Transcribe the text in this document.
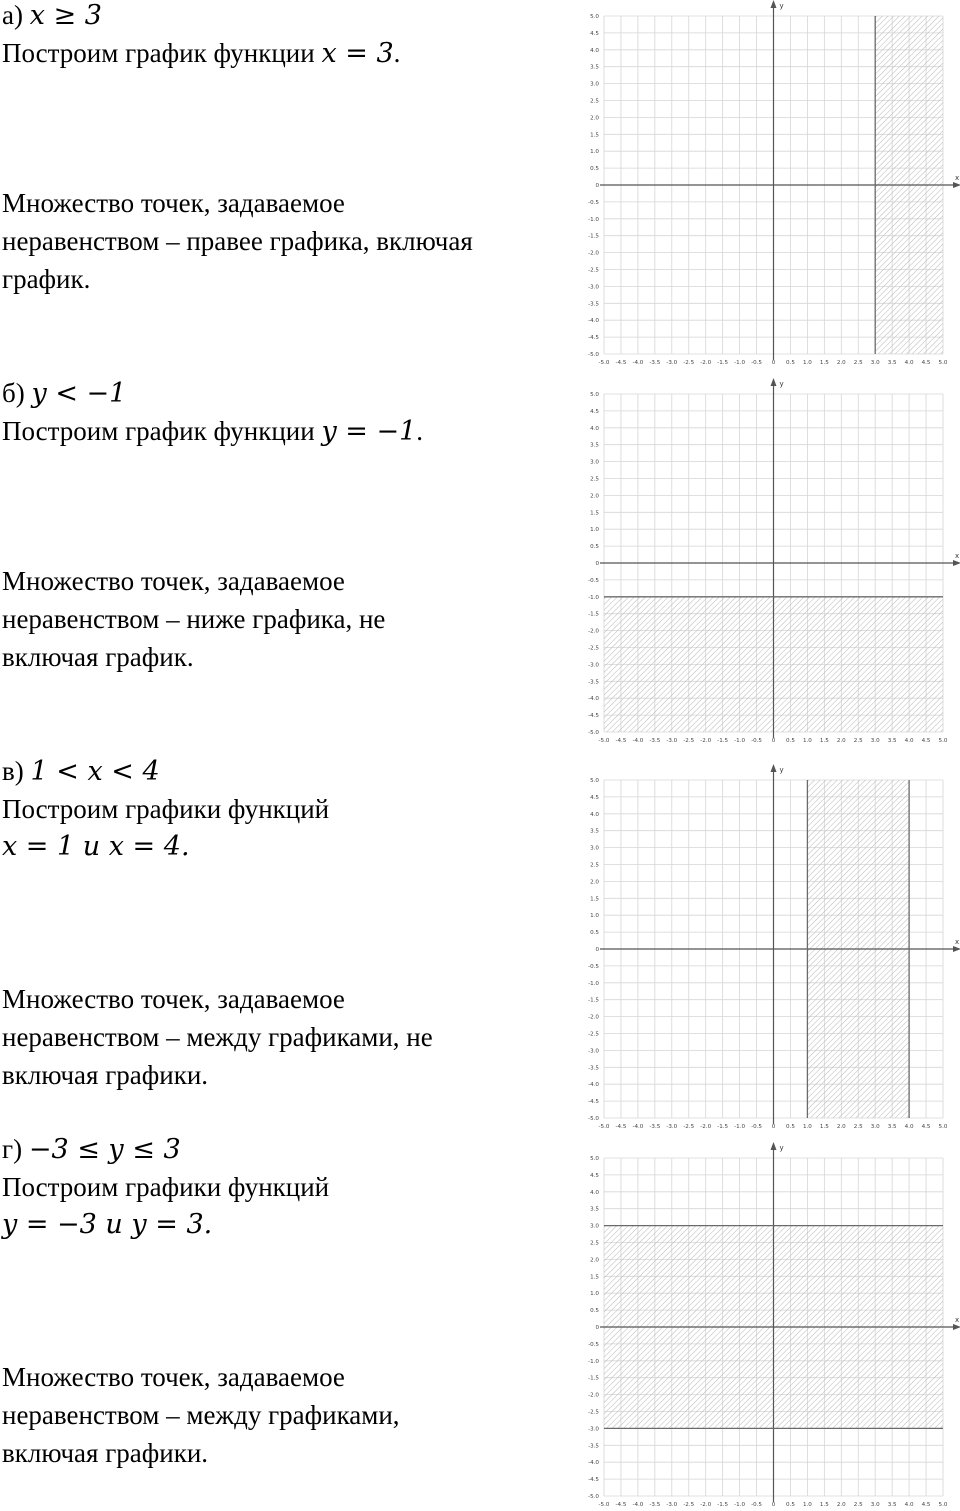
а) x ≥ 3
Построим график функции x = 3.
Множество точек, задаваемое
неравенством – правее графика, включая
график.
x
y
-5.0 -4.5 -4.0 -3.5 -3.0 -2.5 -2.0 -1.5 -1.0 -0.5 0 0.5 1.0 1.5 2.0 2.5 3.0 3.5 4.0 4.5 5.0
-5.0
-4.5
-4.0
-3.5
-3.0
-2.5
-2.0
-1.5
-1.0
-0.5
0
0.5
1.0
1.5
2.0
2.5
3.0
3.5
4.0
4.5
5.0
б) y < −1
Построим график функции y = −1.
Множество точек, задаваемое
неравенством – ниже графика, не
включая график.
x
y
-5.0 -4.5 -4.0 -3.5 -3.0 -2.5 -2.0 -1.5 -1.0 -0.5 0 0.5 1.0 1.5 2.0 2.5 3.0 3.5 4.0 4.5 5.0
-5.0
-4.5
-4.0
-3.5
-3.0
-2.5
-2.0
-1.5
-1.0
-0.5
0
0.5
1.0
1.5
2.0
2.5
3.0
3.5
4.0
4.5
5.0
в) 1 < x < 4
Построим графики функций
x = 1 и x = 4.
Множество точек, задаваемое
неравенством – между графиками, не
включая графики.
x
y
-5.0 -4.5 -4.0 -3.5 -3.0 -2.5 -2.0 -1.5 -1.0 -0.5 0 0.5 1.0 1.5 2.0 2.5 3.0 3.5 4.0 4.5 5.0
-5.0
-4.5
-4.0
-3.5
-3.0
-2.5
-2.0
-1.5
-1.0
-0.5
0
0.5
1.0
1.5
2.0
2.5
3.0
3.5
4.0
4.5
5.0
г) −3 ≤ y ≤ 3
Построим графики функций
y = −3 и y = 3.
Множество точек, задаваемое
неравенством – между графиками,
включая графики.
x
y
-5.0 -4.5 -4.0 -3.5 -3.0 -2.5 -2.0 -1.5 -1.0 -0.5 0 0.5 1.0 1.5 2.0 2.5 3.0 3.5 4.0 4.5 5.0
-5.0
-4.5
-4.0
-3.5
-3.0
-2.5
-2.0
-1.5
-1.0
-0.5
0
0.5
1.0
1.5
2.0
2.5
3.0
3.5
4.0
4.5
5.0
